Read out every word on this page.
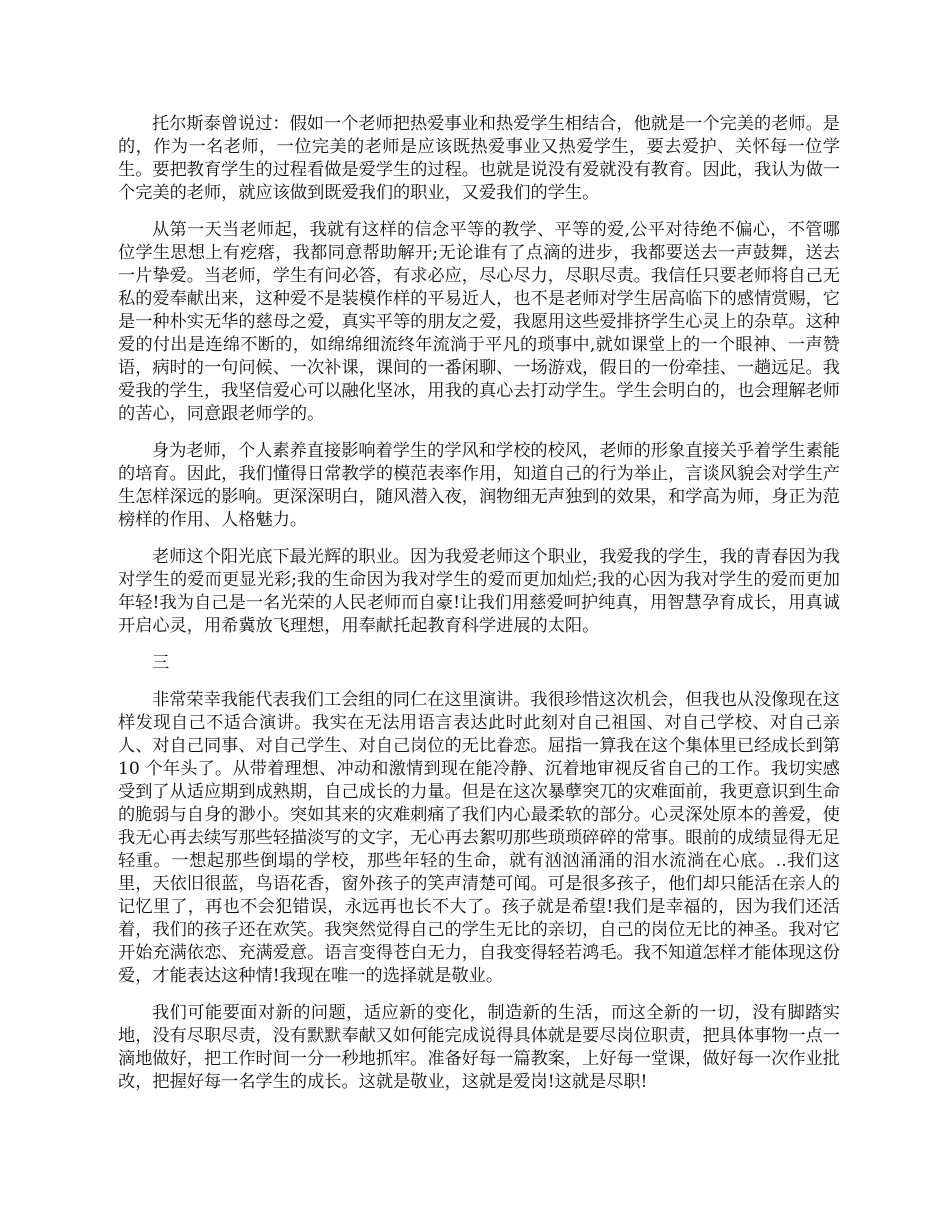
托尔斯泰曾说过：假如一个老师把热爱事业和热爱学生相结合，他就是一个完美的老师。是的，作为一名老师，一位完美的老师是应该既热爱事业又热爱学生，要去爱护、关怀每一位学生。要把教育学生的过程看做是爱学生的过程。也就是说没有爱就没有教育。因此，我认为做一个完美的老师，就应该做到既爱我们的职业，又爱我们的学生。

从第一天当老师起，我就有这样的信念平等的教学、平等的爱,公平对待绝不偏心，不管哪位学生思想上有疙瘩，我都同意帮助解开;无论谁有了点滴的进步，我都要送去一声鼓舞，送去一片挚爱。当老师，学生有问必答，有求必应，尽心尽力，尽职尽责。我信任只要老师将自己无私的爱奉献出来，这种爱不是装模作样的平易近人，也不是老师对学生居高临下的感情赏赐，它是一种朴实无华的慈母之爱，真实平等的朋友之爱，我愿用这些爱排挤学生心灵上的杂草。这种爱的付出是连绵不断的，如绵绵细流终年流淌于平凡的琐事中,就如课堂上的一个眼神、一声赞语，病时的一句问候、一次补课，课间的一番闲聊、一场游戏，假日的一份牵挂、一趟远足。我爱我的学生，我坚信爱心可以融化坚冰，用我的真心去打动学生。学生会明白的，也会理解老师的苦心，同意跟老师学的。

身为老师，个人素养直接影响着学生的学风和学校的校风，老师的形象直接关乎着学生素能的培育。因此，我们懂得日常教学的模范表率作用，知道自己的行为举止，言谈风貌会对学生产生怎样深远的影响。更深深明白，随风潜入夜，润物细无声独到的效果，和学高为师，身正为范榜样的作用、人格魅力。

老师这个阳光底下最光辉的职业。因为我爱老师这个职业，我爱我的学生，我的青春因为我对学生的爱而更显光彩;我的生命因为我对学生的爱而更加灿烂;我的心因为我对学生的爱而更加年轻!我为自己是一名光荣的人民老师而自豪!让我们用慈爱呵护纯真，用智慧孕育成长，用真诚开启心灵，用希冀放飞理想，用奉献托起教育科学进展的太阳。

三

非常荣幸我能代表我们工会组的同仁在这里演讲。我很珍惜这次机会，但我也从没像现在这样发现自己不适合演讲。我实在无法用语言表达此时此刻对自己祖国、对自己学校、对自己亲人、对自己同事、对自己学生、对自己岗位的无比眷恋。屈指一算我在这个集体里已经成长到第 10 个年头了。从带着理想、冲动和激情到现在能冷静、沉着地审视反省自己的工作。我切实感受到了从适应期到成熟期，自己成长的力量。但是在这次暴孽突兀的灾难面前，我更意识到生命的脆弱与自身的渺小。突如其来的灾难刺痛了我们内心最柔软的部分。心灵深处原本的善爱，使我无心再去续写那些轻描淡写的文字，无心再去絮叨那些琐琐碎碎的常事。眼前的成绩显得无足轻重。一想起那些倒塌的学校，那些年轻的生命，就有汹汹涌涌的泪水流淌在心底。..我们这里，天依旧很蓝，鸟语花香，窗外孩子的笑声清楚可闻。可是很多孩子，他们却只能活在亲人的记忆里了，再也不会犯错误，永远再也长不大了。孩子就是希望!我们是幸福的，因为我们还活着，我们的孩子还在欢笑。我突然觉得自己的学生无比的亲切，自己的岗位无比的神圣。我对它开始充满依恋、充满爱意。语言变得苍白无力，自我变得轻若鸿毛。我不知道怎样才能体现这份爱，才能表达这种情!我现在唯一的选择就是敬业。

我们可能要面对新的问题，适应新的变化，制造新的生活，而这全新的一切，没有脚踏实地，没有尽职尽责，没有默默奉献又如何能完成说得具体就是要尽岗位职责，把具体事物一点一滴地做好，把工作时间一分一秒地抓牢。准备好每一篇教案，上好每一堂课，做好每一次作业批改，把握好每一名学生的成长。这就是敬业，这就是爱岗!这就是尽职!
